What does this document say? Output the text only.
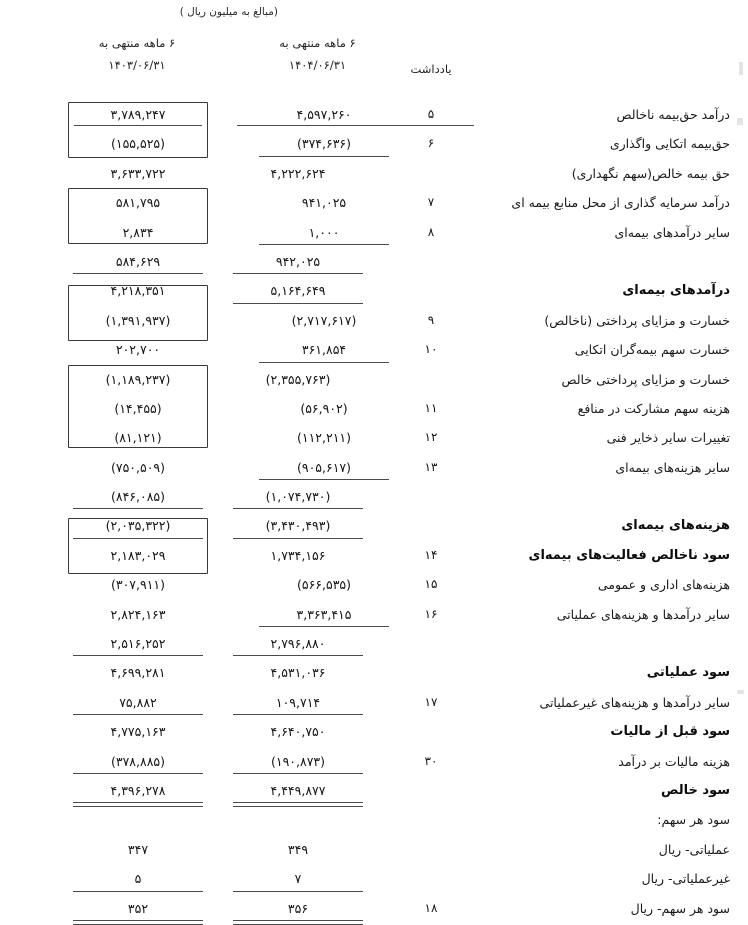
(مبالغ به میلیون ریال )
۶ ماهه منتهی به
۱۴۰۳/۰۶/۳۱
۶ ماهه منتهی به
۱۴۰۴/۰۶/۳۱	یادداشت
۳,۷۸۹,۲۴۷	۴,۵۹۷,۲۶۰	۵	درآمد حق‌بیمه ناخالص
(۱۵۵,۵۲۵)	(۳۷۴,۶۳۶)	۶	حق‌بیمه اتکایی واگذاری
۳,۶۳۳,۷۲۲	۴,۲۲۲,۶۲۴	حق بیمه خالص(سهم نگهداری)
۵۸۱,۷۹۵	۹۴۱,۰۲۵	۷	درآمد سرمایه گذاری از محل منابع بیمه ای
۲,۸۳۴	۱,۰۰۰	۸	سایر درآمدهای بیمه‌ای
۵۸۴,۶۲۹	۹۴۲,۰۲۵
۴,۲۱۸,۳۵۱	۵,۱۶۴,۶۴۹	درآمدهای بیمه‌ای
(۱,۳۹۱,۹۳۷)	(۲,۷۱۷,۶۱۷)	۹	خسارت و مزایای پرداختی (ناخالص)
۲۰۲,۷۰۰	۳۶۱,۸۵۴	۱۰	خسارت سهم بیمه‌گران اتکایی
(۱,۱۸۹,۲۳۷)	(۲,۳۵۵,۷۶۳)	خسارت و مزایای پرداختی خالص
(۱۴,۴۵۵)	(۵۶,۹۰۲)	۱۱	هزینه سهم مشارکت در منافع
(۸۱,۱۲۱)	(۱۱۲,۲۱۱)	۱۲	تغییرات سایر ذخایر فنی
(۷۵۰,۵۰۹)	(۹۰۵,۶۱۷)	۱۳	سایر هزینه‌های بیمه‌ای
(۸۴۶,۰۸۵)	(۱,۰۷۴,۷۳۰)
(۲,۰۳۵,۳۲۲)	(۳,۴۳۰,۴۹۳)	هزینه‌های بیمه‌ای
۲,۱۸۳,۰۲۹	۱,۷۳۴,۱۵۶	۱۴	سود ناخالص فعالیت‌های بیمه‌ای
(۳۰۷,۹۱۱)	(۵۶۶,۵۳۵)	۱۵	هزینه‌های اداری و عمومی
۲,۸۲۴,۱۶۳	۳,۳۶۳,۴۱۵	۱۶	سایر درآمدها و هزینه‌های عملیاتی
۲,۵۱۶,۲۵۲	۲,۷۹۶,۸۸۰
۴,۶۹۹,۲۸۱	۴,۵۳۱,۰۳۶	سود عملیاتی
۷۵,۸۸۲	۱۰۹,۷۱۴	۱۷	سایر درآمدها و هزینه‌های غیرعملیاتی
۴,۷۷۵,۱۶۳	۴,۶۴۰,۷۵۰	سود قبل از مالیات
(۳۷۸,۸۸۵)	(۱۹۰,۸۷۳)	۳۰	هزینه مالیات بر درآمد
۴,۳۹۶,۲۷۸	۴,۴۴۹,۸۷۷	سود خالص
سود هر سهم:
۳۴۷	۳۴۹	عملیاتی- ریال
۵	۷	غیرعملیاتی- ریال
۳۵۲	۳۵۶	۱۸	سود هر سهم- ریال
